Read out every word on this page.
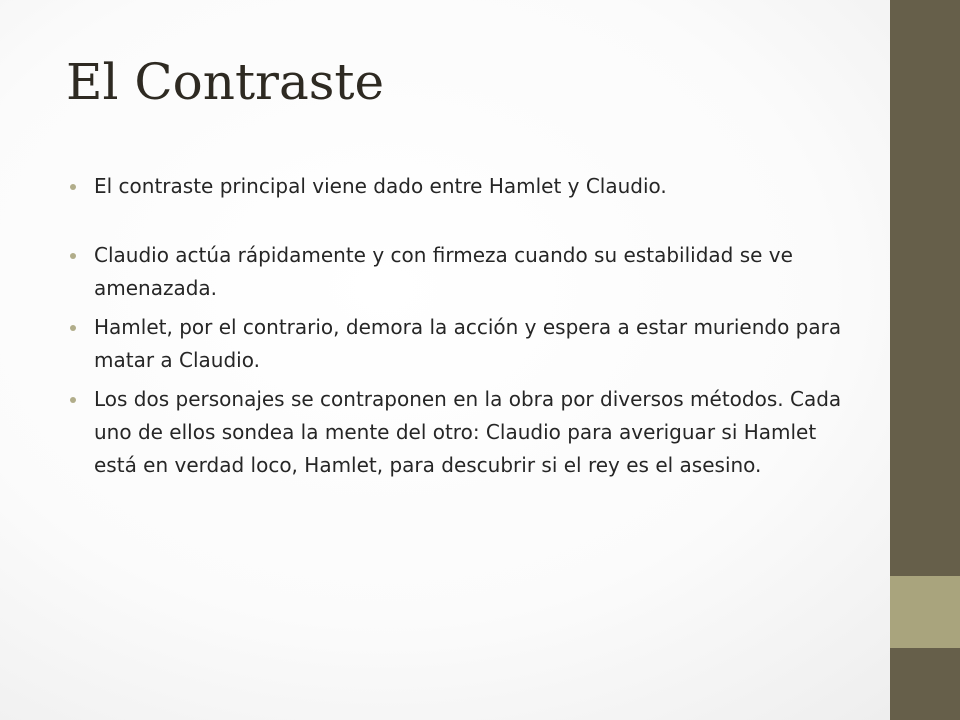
El Contraste
El contraste principal viene dado entre Hamlet y Claudio.
Claudio actúa rápidamente y con firmeza cuando su estabilidad se ve amenazada.
Hamlet, por el contrario, demora la acción y espera a estar muriendo para matar a Claudio.
Los dos personajes se contraponen en la obra por diversos métodos. Cada uno de ellos sondea la mente del otro: Claudio para averiguar si Hamlet está en verdad loco, Hamlet, para descubrir si el rey es el asesino.
